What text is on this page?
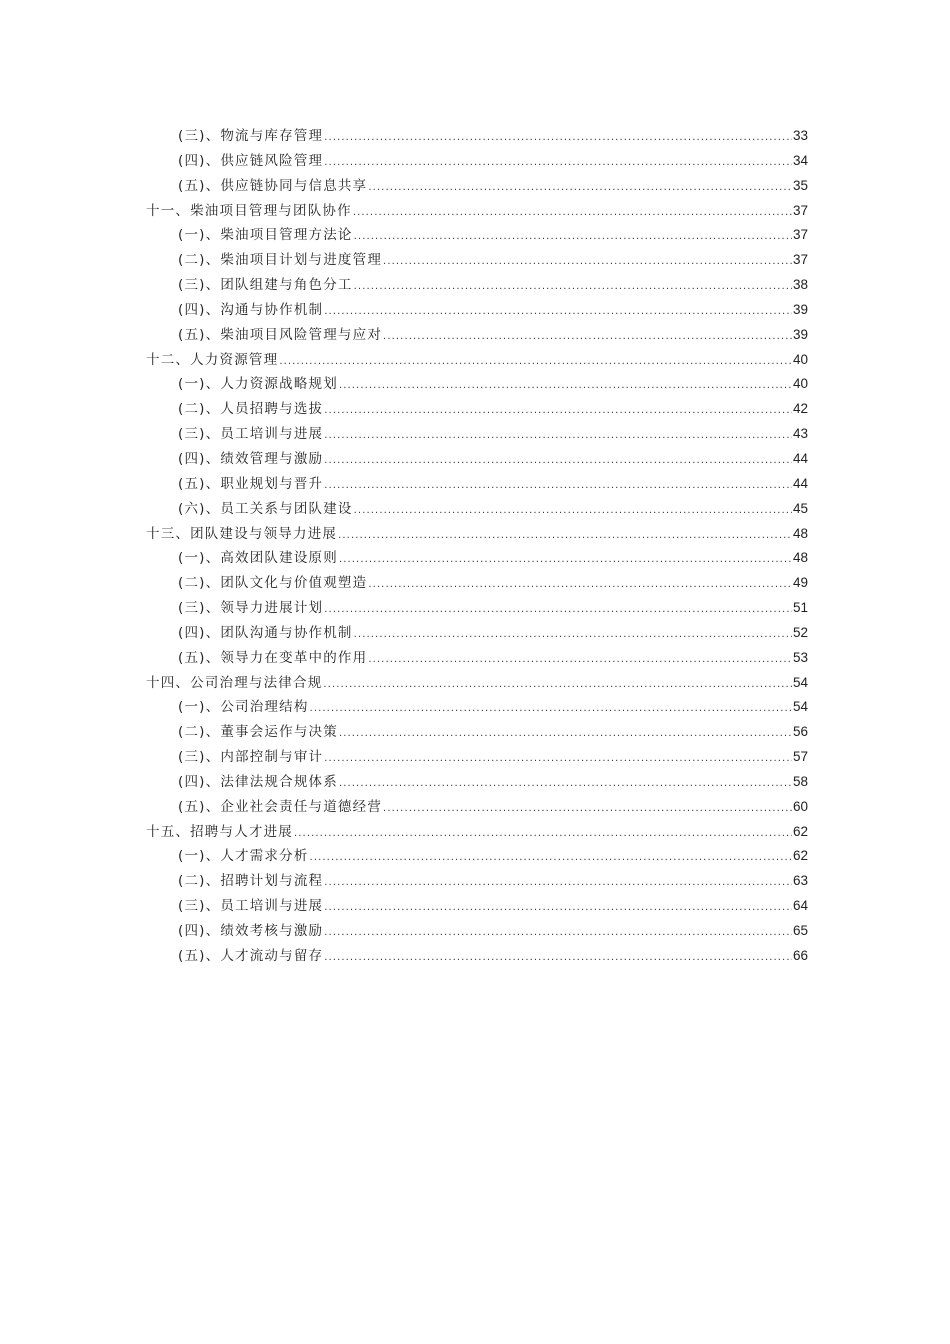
(三)、物流与库存管理 .....	33
(四)、供应链风险管理 .....	34
(五)、供应链协同与信息共享 .....	35
十一、柴油项目管理与团队协作 .....	37
(一)、柴油项目管理方法论 .....	37
(二)、柴油项目计划与进度管理 .....	37
(三)、团队组建与角色分工 .....	38
(四)、沟通与协作机制 .....	39
(五)、柴油项目风险管理与应对 .....	39
十二、人力资源管理 .....	40
(一)、人力资源战略规划 .....	40
(二)、人员招聘与选拔 .....	42
(三)、员工培训与进展 .....	43
(四)、绩效管理与激励 .....	44
(五)、职业规划与晋升 .....	44
(六)、员工关系与团队建设 .....	45
十三、团队建设与领导力进展 .....	48
(一)、高效团队建设原则 .....	48
(二)、团队文化与价值观塑造 .....	49
(三)、领导力进展计划 .....	51
(四)、团队沟通与协作机制 .....	52
(五)、领导力在变革中的作用 .....	53
十四、公司治理与法律合规 .....	54
(一)、公司治理结构 .....	54
(二)、董事会运作与决策 .....	56
(三)、内部控制与审计 .....	57
(四)、法律法规合规体系 .....	58
(五)、企业社会责任与道德经营 .....	60
十五、招聘与人才进展 .....	62
(一)、人才需求分析 .....	62
(二)、招聘计划与流程 .....	63
(三)、员工培训与进展 .....	64
(四)、绩效考核与激励 .....	65
(五)、人才流动与留存 .....	66
